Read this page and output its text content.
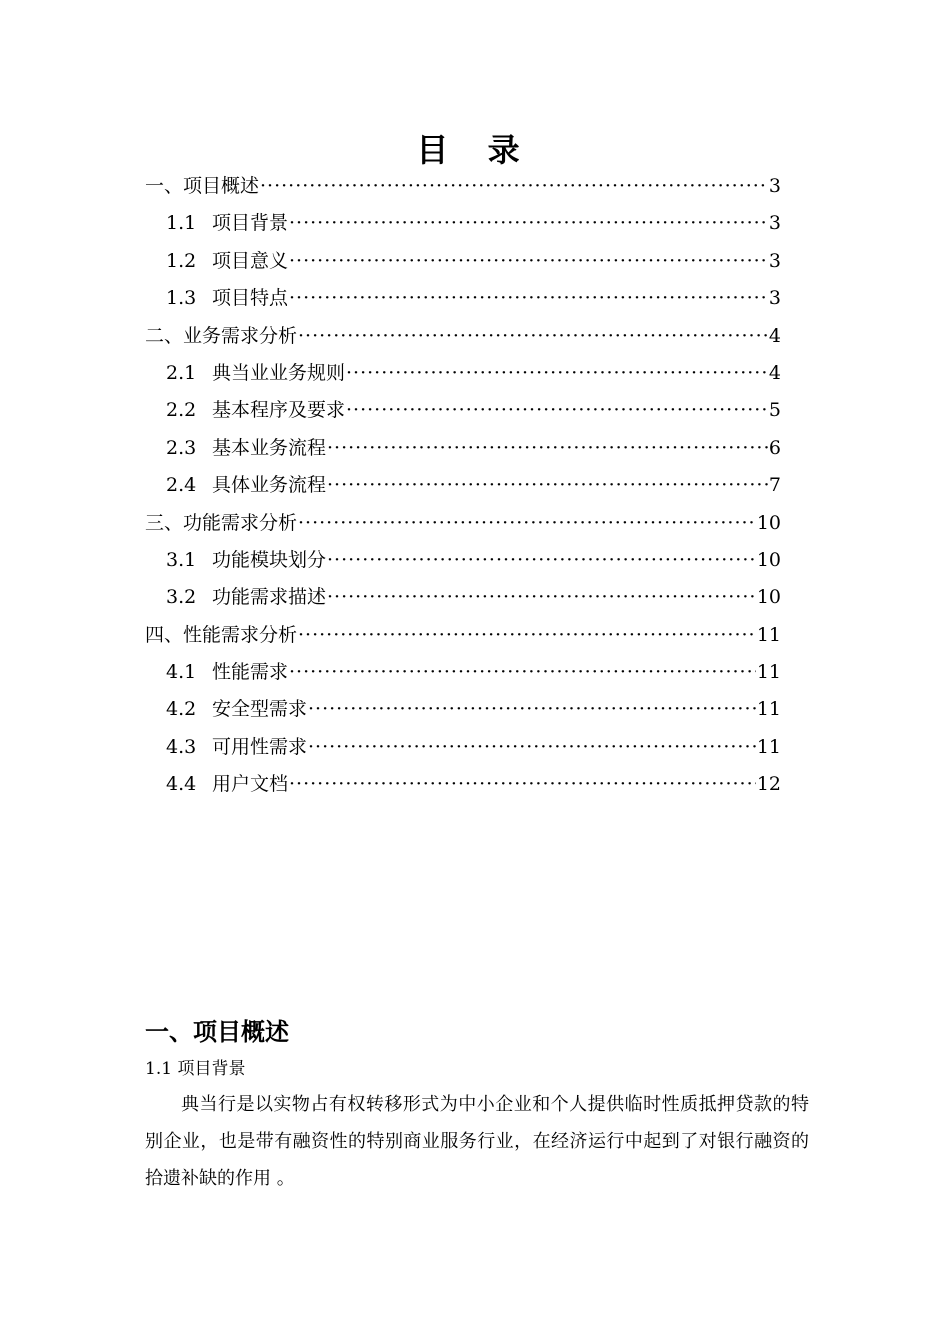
目 录
一、项目概述 ·····	3
1.1 项目背景 ·····	3
1.2 项目意义 ·····	3
1.3 项目特点 ·····	3
二、业务需求分析 ·····	4
2.1 典当业业务规则 ·····	4
2.2 基本程序及要求 ·····	5
2.3 基本业务流程 ·····	6
2.4 具体业务流程 ·····	7
三、功能需求分析 ·····	10
3.1 功能模块划分 ·····	10
3.2 功能需求描述 ·····	10
四、性能需求分析 ·····	11
4.1 性能需求 ·····	11
4.2 安全型需求 ·····	11
4.3 可用性需求 ·····	11
4.4 用户文档 ·····	12
一、项目概述
1.1 项目背景
典当行是以实物占有权转移形式为中小企业和个人提供临时性质抵押贷款的特别企业，也是带有融资性的特别商业服务行业，在经济运行中起到了对银行融资的拾遗补缺的作用 。
